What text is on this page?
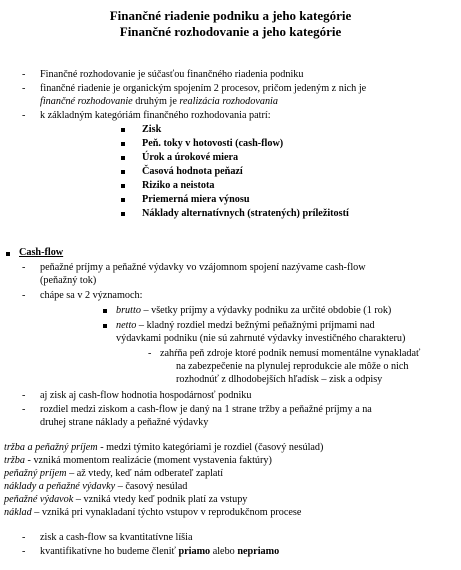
Finančné riadenie podniku a jeho kategórie
Finančné rozhodovanie a jeho kategórie
- Finančné rozhodovanie je súčasťou finančného riadenia podniku
- finančné riadenie je organickým spojením 2 procesov, pričom jedeným z nich je
finančné rozhodovanie druhým je realizácia rozhodovania
- k základným kategóriám finančného rozhodovania patrí:
Zisk
Peň. toky v hotovosti (cash-flow)
Úrok a úrokové miera
Časová hodnota peňazí
Riziko a neistota
Priemerná miera výnosu
Náklady alternatívnych (stratených) príležitostí
Cash-flow
- peňažné príjmy a peňažné výdavky vo vzájomnom spojení nazývame cash-flow
(peňažný tok)
- chápe sa v 2 významoch:
brutto – všetky príjmy a výdavky podniku za určité obdobie (1 rok)
netto – kladný rozdiel medzi bežnými peňažnými príjmami nad
výdavkami podniku (nie sú zahrnuté výdavky investičného charakteru)
- zahŕňa peň zdroje ktoré podnik nemusí momentálne vynakladať
na zabezpečenie na plynulej reprodukcie ale môže o nich
rozhodnúť z dlhodobejších hľadísk – zisk a odpisy
- aj zisk aj cash-flow hodnotia hospodárnosť podniku
- rozdiel medzi ziskom a cash-flow je daný na 1 strane tržby a peňažné príjmy a na
druhej strane náklady a peňažné výdavky
tržba a peňažný príjem - medzi týmito kategóriami je rozdiel (časový nesúlad)
tržba - vzniká momentom realizácie (moment vystavenia faktúry)
peňažný príjem – až vtedy, keď nám odberateľ zaplatí
náklady a peňažné výdavky – časový nesúlad
peňažné výdavok – vzniká vtedy keď podnik platí za vstupy
náklad – vzniká pri vynakladaní týchto vstupov v reprodukčnom procese
- zisk a cash-flow sa kvantitatívne líšia
- kvantifikatívne ho budeme členiť priamo alebo nepriamo
